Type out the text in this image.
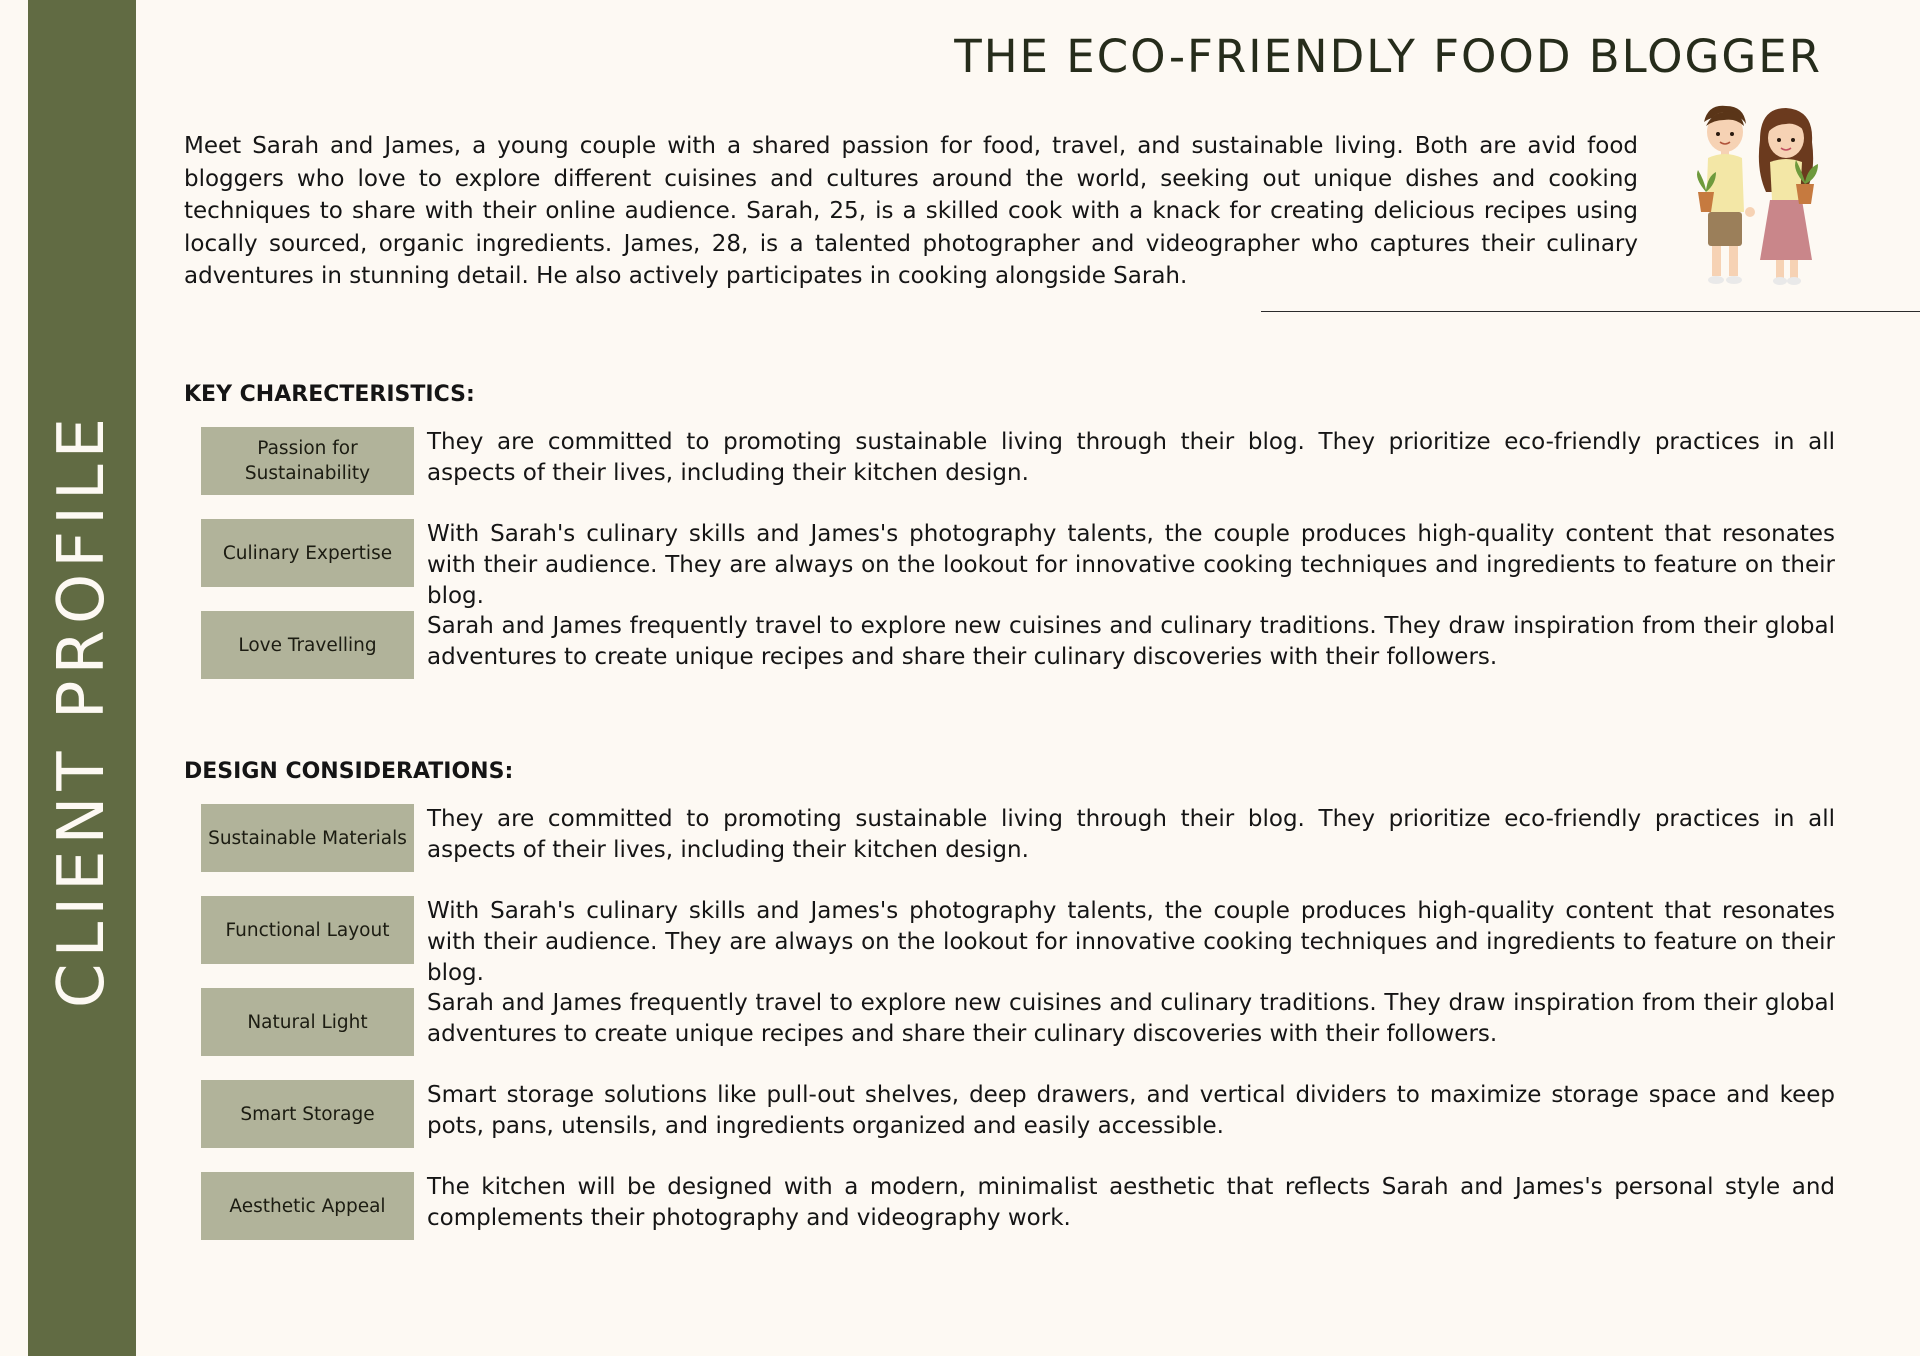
CLIENT PROFILE
THE ECO-FRIENDLY FOOD BLOGGER

Meet Sarah and James, a young couple with a shared passion for food, travel, and sustainable living. Both are avid food bloggers who love to explore different cuisines and cultures around the world, seeking out unique dishes and cooking techniques to share with their online audience. Sarah, 25, is a skilled cook with a knack for creating delicious recipes using locally sourced, organic ingredients. James, 28, is a talented photographer and videographer who captures their culinary adventures in stunning detail. He also actively participates in cooking alongside Sarah.

KEY CHARECTERISTICS:
Passion for Sustainability

They are committed to promoting sustainable living through their blog. They prioritize eco-friendly practices in all aspects of their lives, including their kitchen design.

Culinary Expertise

With Sarah's culinary skills and James's photography talents, the couple produces high-quality content that resonates with their audience. They are always on the lookout for innovative cooking techniques and ingredients to feature on their blog.

Love Travelling

Sarah and James frequently travel to explore new cuisines and culinary traditions. They draw inspiration from their global adventures to create unique recipes and share their culinary discoveries with their followers.

DESIGN CONSIDERATIONS:
Sustainable Materials

They are committed to promoting sustainable living through their blog. They prioritize eco-friendly practices in all aspects of their lives, including their kitchen design.

Functional Layout

With Sarah's culinary skills and James's photography talents, the couple produces high-quality content that resonates with their audience. They are always on the lookout for innovative cooking techniques and ingredients to feature on their blog.

Natural Light

Sarah and James frequently travel to explore new cuisines and culinary traditions. They draw inspiration from their global adventures to create unique recipes and share their culinary discoveries with their followers.

Smart Storage

Smart storage solutions like pull-out shelves, deep drawers, and vertical dividers to maximize storage space and keep pots, pans, utensils, and ingredients organized and easily accessible.

Aesthetic Appeal

The kitchen will be designed with a modern, minimalist aesthetic that reflects Sarah and James's personal style and complements their photography and videography work.
